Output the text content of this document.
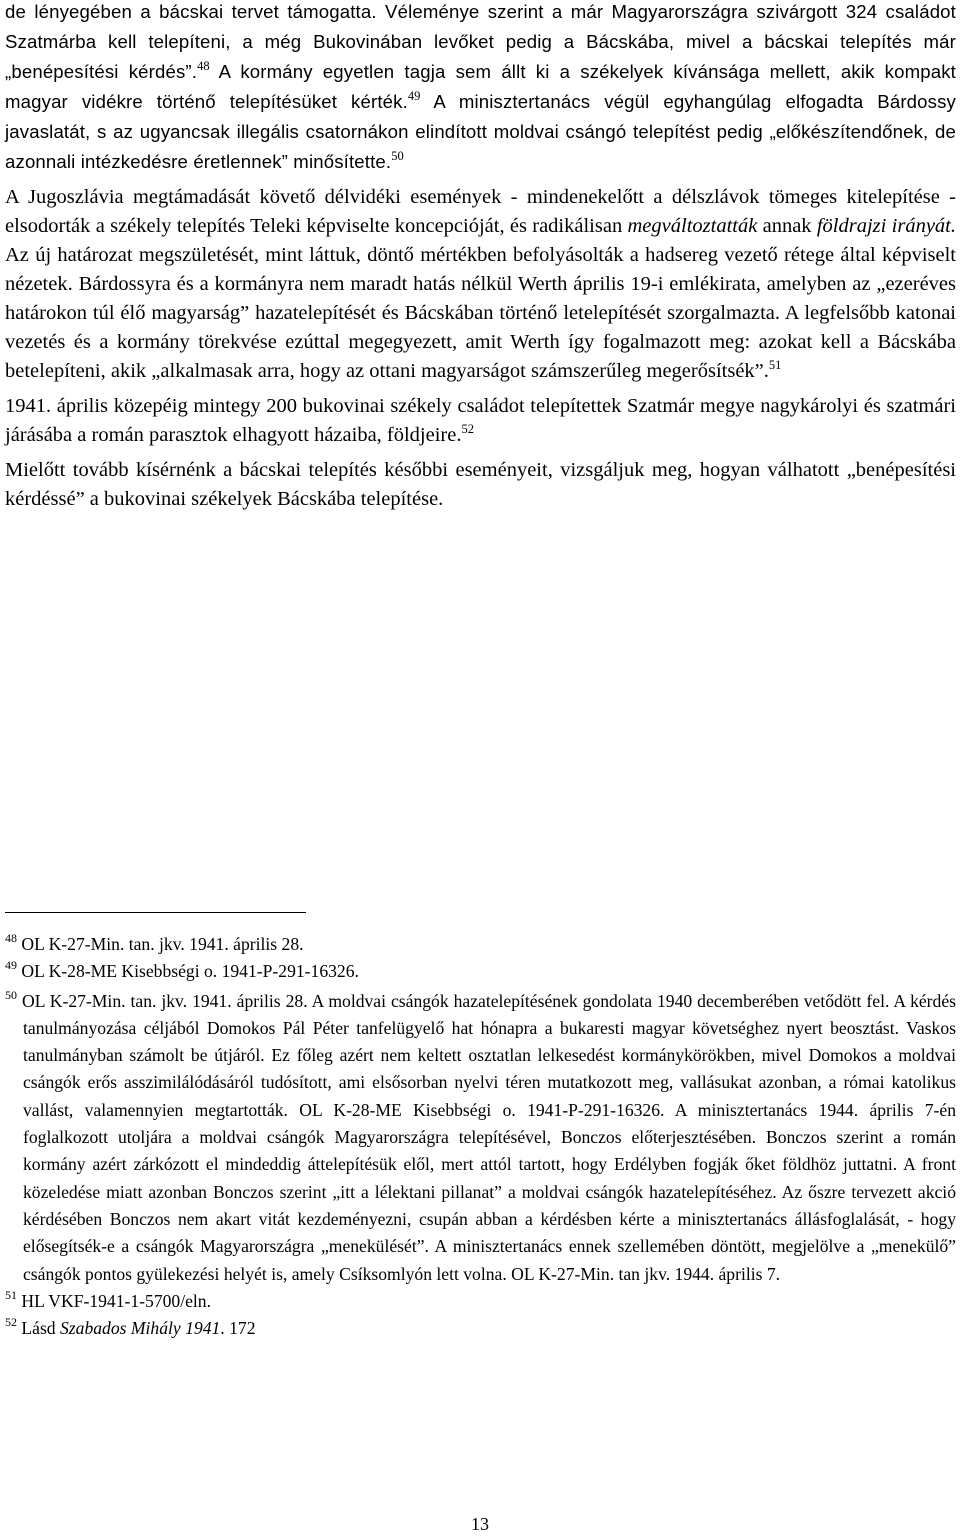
de lényegében a bácskai tervet támogatta. Véleménye szerint a már Magyarországra szivárgott 324 családot Szatmárba kell telepíteni, a még Bukovinában levőket pedig a Bácskába, mivel a bácskai telepítés már „benépesítési kérdés”.$^{48}$ A kormány egyetlen tagja sem állt ki a székelyek kívánsága mellett, akik kompakt magyar vidékre történő telepítésüket kérték.$^{49}$ A minisztertanács végül egyhangúlag elfogadta Bárdossy javaslatát, s az ugyancsak illegális csatornákon elindított moldvai csángó telepítést pedig „előkészítendőnek, de azonnali intézkedésre éretlennek” minősítette.$^{50}$

A Jugoszlávia megtámadását követő délvidéki események - mindenekelőtt a délszlávok tömeges kitelepítése - elsodorták a székely telepítés Teleki képviselte koncepcióját, és radikálisan megváltoztatták annak földrajzi irányát. Az új határozat megszületését, mint láttuk, döntő mértékben befolyásolták a hadsereg vezető rétege által képviselt nézetek. Bárdossyra és a kormányra nem maradt hatás nélkül Werth április 19-i emlékirata, amelyben az „ezeréves határokon túl élő magyarság” hazatelepítését és Bácskában történő letelepítését szorgalmazta. A legfelsőbb katonai vezetés és a kormány törekvése ezúttal megegyezett, amit Werth így fogalmazott meg: azokat kell a Bácskába betelepíteni, akik „alkalmasak arra, hogy az ottani magyarságot számszerűleg megerősítsék”.$^{51}$

1941. április közepéig mintegy 200 bukovinai székely családot telepítettek Szatmár megye nagykárolyi és szatmári járásába a román parasztok elhagyott házaiba, földjeire.$^{52}$

Mielőtt tovább kísérnénk a bácskai telepítés későbbi eseményeit, vizsgáljuk meg, hogyan válhatott „benépesítési kérdéssé” a bukovinai székelyek Bácskába telepítése.

$^{48}$ OL K-27-Min. tan. jkv. 1941. április 28.

$^{49}$ OL K-28-ME Kisebbségi o. 1941-P-291-16326.

$^{50}$ OL K-27-Min. tan. jkv. 1941. április 28. A moldvai csángók hazatelepítésének gondolata 1940 decemberében vetődött fel. A kérdés tanulmányozása céljából Domokos Pál Péter tanfelügyelő hat hónapra a bukaresti magyar követséghez nyert beosztást. Vaskos tanulmányban számolt be útjáról. Ez főleg azért nem keltett osztatlan lelkesedést kormánykörökben, mivel Domokos a moldvai csángók erős asszimilálódásáról tudósított, ami elsősorban nyelvi téren mutatkozott meg, vallásukat azonban, a római katolikus vallást, valamennyien megtartották. OL K-28-ME Kisebbségi o. 1941-P-291-16326. A minisztertanács 1944. április 7-én foglalkozott utoljára a moldvai csángók Magyarországra telepítésével, Bonczos előterjesztésében. Bonczos szerint a román kormány azért zárkózott el mindeddig áttelepítésük elől, mert attól tartott, hogy Erdélyben fogják őket földhöz juttatni. A front közeledése miatt azonban Bonczos szerint „itt a lélektani pillanat” a moldvai csángók hazatelepítéséhez. Az őszre tervezett akció kérdésében Bonczos nem akart vitát kezdeményezni, csupán abban a kérdésben kérte a minisztertanács állásfoglalását, - hogy elősegítsék-e a csángók Magyarországra „menekülését”. A minisztertanács ennek szellemében döntött, megjelölve a „menekülő” csángók pontos gyülekezési helyét is, amely Csíksomlyón lett volna. OL K-27-Min. tan jkv. 1944. április 7.

$^{51}$ HL VKF-1941-1-5700/eln.

$^{52}$ Lásd Szabados Mihály 1941. 172

13
